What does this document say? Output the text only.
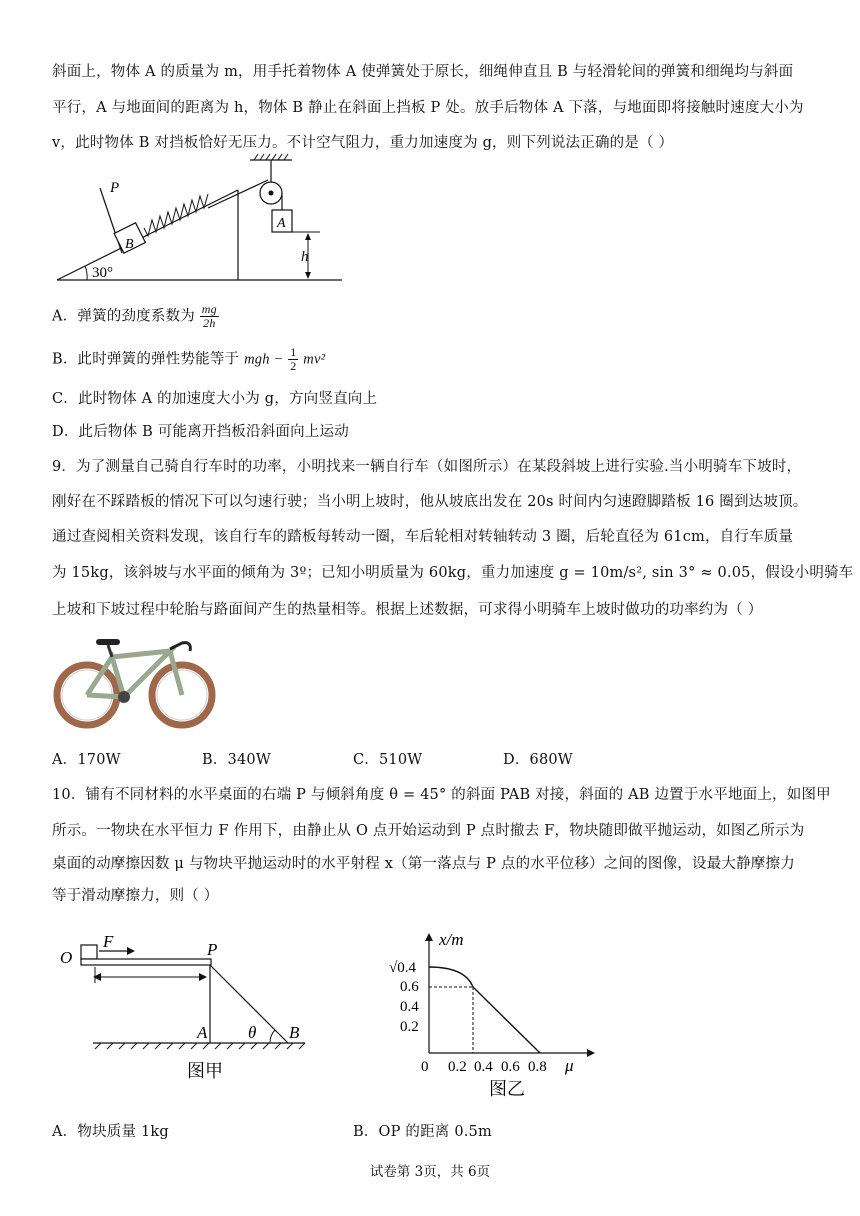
斜面上，物体 A 的质量为 m，用手托着物体 A 使弹簧处于原长，细绳伸直且 B 与轻滑轮间的弹簧和细绳均与斜面
平行，A 与地面间的距离为 h，物体 B 静止在斜面上挡板 P 处。放手后物体 A 下落，与地面即将接触时速度大小为
v，此时物体 B 对挡板恰好无压力。不计空气阻力，重力加速度为 g，则下列说法正确的是（ ）
30°
P
B
A
h
A．弹簧的劲度系数为 $\frac{mg}{2h}$
B．此时弹簧的弹性势能等于 mgh − $\frac{1}{2} mv^2$
C．此时物体 A 的加速度大小为 g，方向竖直向上
D．此后物体 B 可能离开挡板沿斜面向上运动
9．为了测量自己骑自行车时的功率，小明找来一辆自行车（如图所示）在某段斜坡上进行实验.当小明骑车下坡时，
刚好在不踩踏板的情况下可以匀速行驶；当小明上坡时，他从坡底出发在 20s 时间内匀速蹬脚踏板 16 圈到达坡顶。
通过查阅相关资料发现，该自行车的踏板每转动一圈，车后轮相对转轴转动 3 圈，后轮直径为 61cm，自行车质量
为 15kg，该斜坡与水平面的倾角为 3º；已知小明质量为 60kg，重力加速度 g = 10m/s², sin 3° ≈ 0.05，假设小明骑车
上坡和下坡过程中轮胎与路面间产生的热量相等。根据上述数据，可求得小明骑车上坡时做功的功率约为（ ）
A．170W	B．340W	C．510W	D．680W
10．铺有不同材料的水平桌面的右端 P 与倾斜角度 θ = 45° 的斜面 PAB 对接，斜面的 AB 边置于水平地面上，如图甲
所示。一物块在水平恒力 F 作用下，由静止从 O 点开始运动到 P 点时撤去 F，物块随即做平抛运动，如图乙所示为
桌面的动摩擦因数 μ 与物块平抛运动时的水平射程 x（第一落点与 P 点的水平位移）之间的图像，设最大静摩擦力
等于滑动摩擦力，则（ ）
O
F	P
A θ B
图甲
x/m
√0.4
0.6
0.4
0.2
0 0.2 0.4 0.6 0.8 μ
图乙
A．物块质量 1kg	B．OP 的距离 0.5m
试卷第 3页，共 6页
